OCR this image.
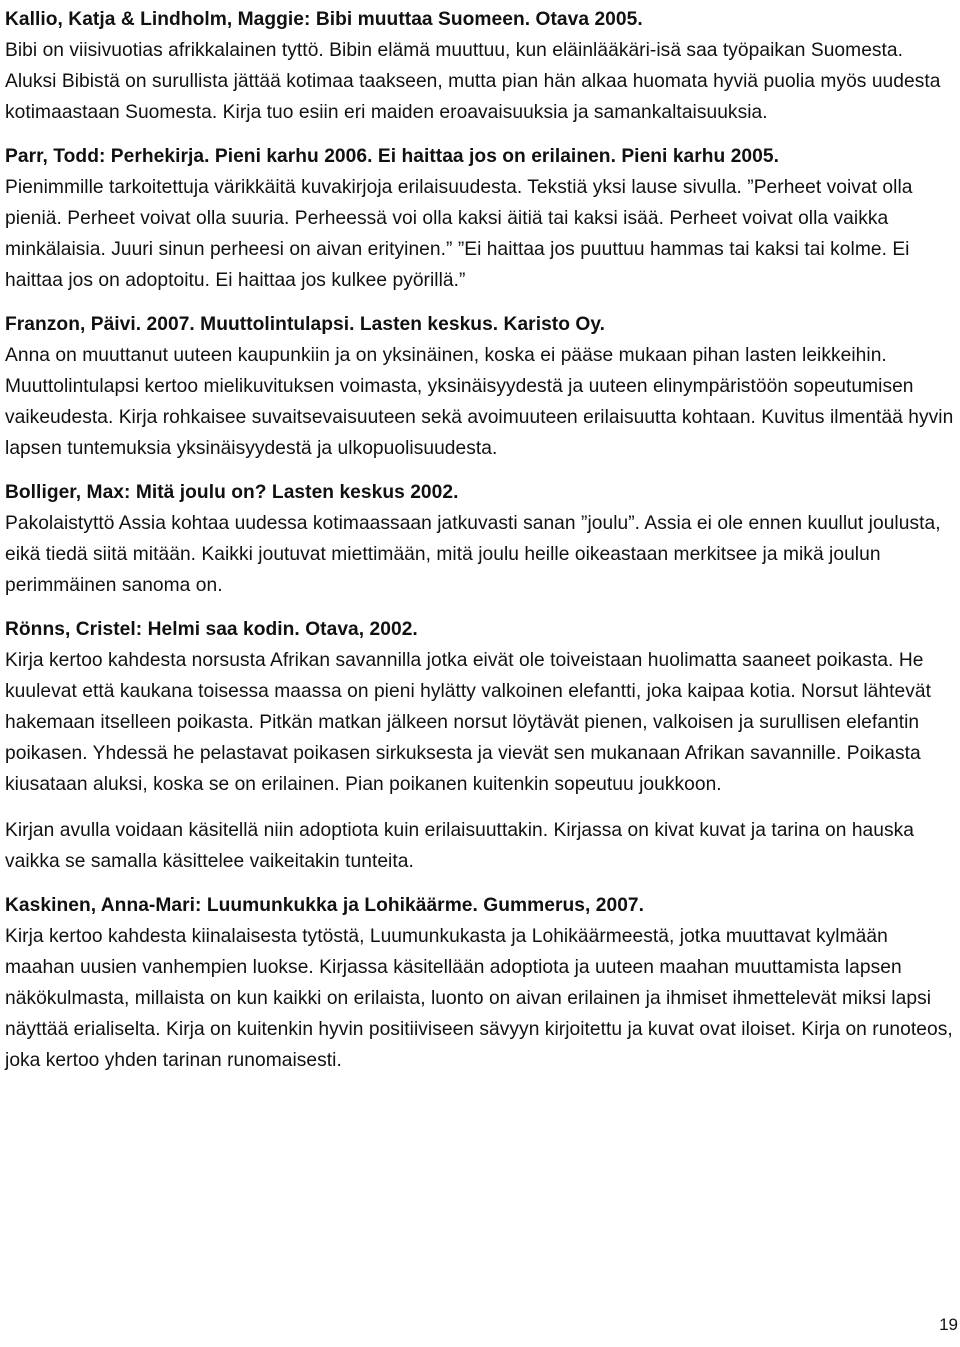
Kallio, Katja & Lindholm, Maggie: Bibi muuttaa Suomeen. Otava 2005.

Bibi on viisivuotias afrikkalainen tyttö. Bibin elämä muuttuu, kun eläinlääkäri-isä saa työpaikan Suomesta. Aluksi Bibistä on surullista jättää kotimaa taakseen, mutta pian hän alkaa huomata hyviä puolia myös uudesta kotimaastaan Suomesta. Kirja tuo esiin eri maiden eroavaisuuksia ja samankaltaisuuksia.

Parr, Todd: Perhekirja. Pieni karhu 2006. Ei haittaa jos on erilainen. Pieni karhu 2005.

Pienimmille tarkoitettuja värikkäitä kuvakirjoja erilaisuudesta. Tekstiä yksi lause sivulla. ”Perheet voivat olla pieniä. Perheet voivat olla suuria. Perheessä voi olla kaksi äitiä tai kaksi isää. Perheet voivat olla vaikka minkälaisia. Juuri sinun perheesi on aivan erityinen.” ”Ei haittaa jos puuttuu hammas tai kaksi tai kolme. Ei haittaa jos on adoptoitu. Ei haittaa jos kulkee pyörillä.”

Franzon, Päivi. 2007. Muuttolintulapsi. Lasten keskus. Karisto Oy.

Anna on muuttanut uuteen kaupunkiin ja on yksinäinen, koska ei pääse mukaan pihan lasten leikkeihin. Muuttolintulapsi kertoo mielikuvituksen voimasta, yksinäisyydestä ja uuteen elinympäristöön sopeutumisen vaikeudesta. Kirja rohkaisee suvaitsevaisuuteen sekä avoimuuteen erilaisuutta kohtaan. Kuvitus ilmentää hyvin lapsen tuntemuksia yksinäisyydestä ja ulkopuolisuudesta.

Bolliger, Max: Mitä joulu on? Lasten keskus 2002.

Pakolaistyttö Assia kohtaa uudessa kotimaassaan jatkuvasti sanan ”joulu”. Assia ei ole ennen kuullut joulusta, eikä tiedä siitä mitään. Kaikki joutuvat miettimään, mitä joulu heille oikeastaan merkitsee ja mikä joulun perimmäinen sanoma on.

Rönns, Cristel: Helmi saa kodin. Otava, 2002.

Kirja kertoo kahdesta norsusta Afrikan savannilla jotka eivät ole toiveistaan huolimatta saaneet poikasta. He kuulevat että kaukana toisessa maassa on pieni hylätty valkoinen elefantti, joka kaipaa kotia. Norsut lähtevät hakemaan itselleen poikasta. Pitkän matkan jälkeen norsut löytävät pienen, valkoisen ja surullisen elefantin poikasen. Yhdessä he pelastavat poikasen sirkuksesta ja vievät sen mukanaan Afrikan savannille. Poikasta kiusataan aluksi, koska se on erilainen. Pian poikanen kuitenkin sopeutuu joukkoon.

Kirjan avulla voidaan käsitellä niin adoptiota kuin erilaisuuttakin. Kirjassa on kivat kuvat ja tarina on hauska vaikka se samalla käsittelee vaikeitakin tunteita.

Kaskinen, Anna-Mari: Luumunkukka ja Lohikäärme. Gummerus, 2007.

Kirja kertoo kahdesta kiinalaisesta tytöstä, Luumunkukasta ja Lohikäärmeestä, jotka muuttavat kylmään maahan uusien vanhempien luokse. Kirjassa käsitellään adoptiota ja uuteen maahan muuttamista lapsen näkökulmasta, millaista on kun kaikki on erilaista, luonto on aivan erilainen ja ihmiset ihmettelevät miksi lapsi näyttää erialiselta. Kirja on kuitenkin hyvin positiiviseen sävyyn kirjoitettu ja kuvat ovat iloiset. Kirja on runoteos, joka kertoo yhden tarinan runomaisesti.

19
